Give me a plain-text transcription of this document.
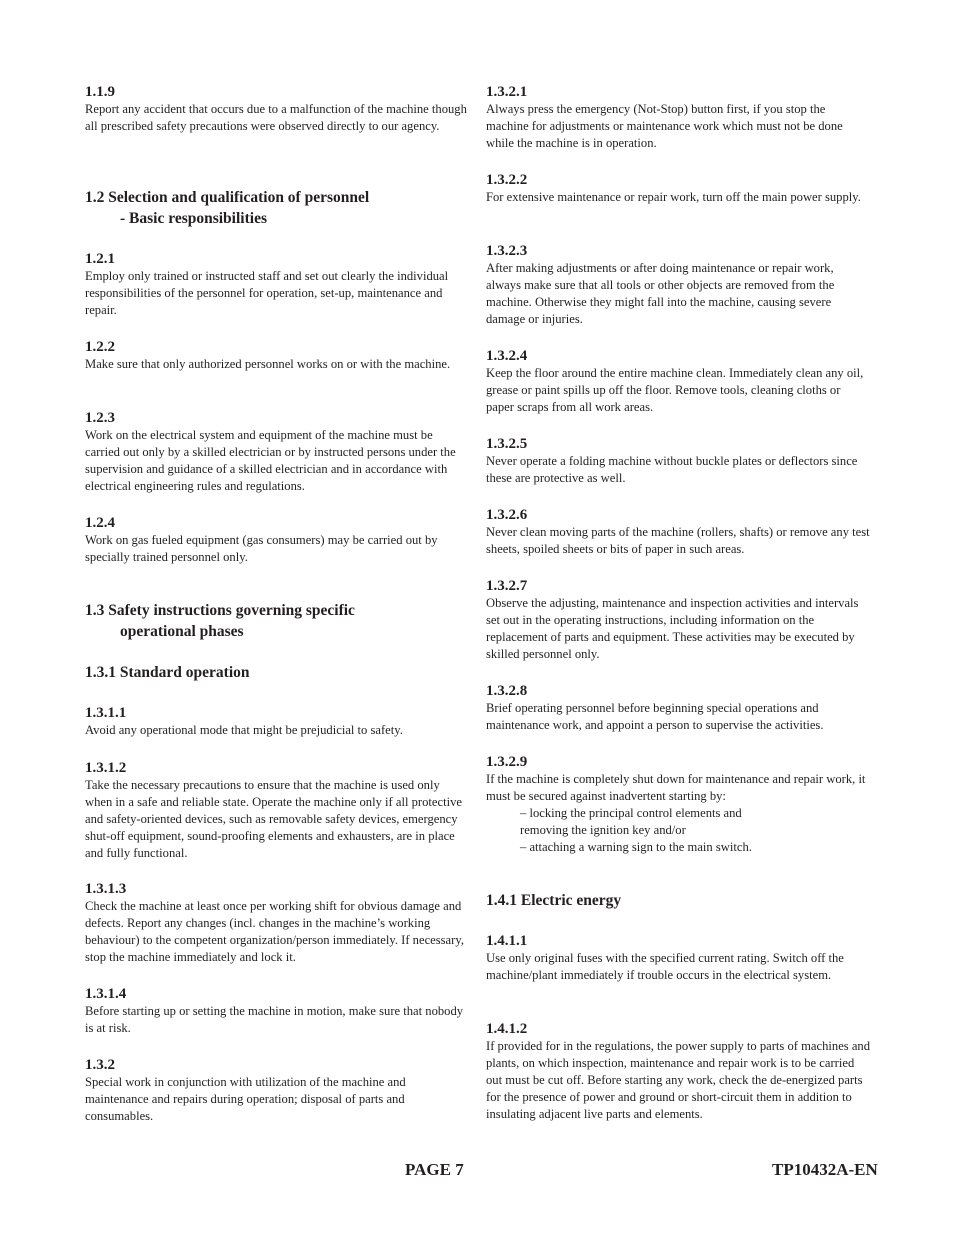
1.1.9

Report any accident that occurs due to a malfunction of the machine though all prescribed safety precautions were observed directly to our agency.

1.2 Selection and qualification of personnel
- Basic responsibilities

1.2.1

Employ only trained or instructed staff and set out clearly the individual responsibilities of the personnel for operation, set-up, maintenance and repair.

1.2.2

Make sure that only authorized personnel works on or with the machine.

1.2.3

Work on the electrical system and equipment of the machine must be carried out only by a skilled electrician or by instructed persons under the supervision and guidance of a skilled electrician and in accordance with electrical engineering rules and regulations.

1.2.4

Work on gas fueled equipment (gas consumers) may be carried out by specially trained personnel only.

1.3 Safety instructions governing specific
operational phases

1.3.1 Standard operation

1.3.1.1

Avoid any operational mode that might be prejudicial to safety.

1.3.1.2

Take the necessary precautions to ensure that the machine is used only when in a safe and reliable state. Operate the machine only if all protective and safety-oriented devices, such as removable safety devices, emergency shut-off equipment, sound-proofing elements and exhausters, are in place and fully functional.

1.3.1.3

Check the machine at least once per working shift for obvious damage and defects. Report any changes (incl. changes in the machine’s working behaviour) to the competent organization/person immediately. If necessary, stop the machine immediately and lock it.

1.3.1.4

Before starting up or setting the machine in motion, make sure that nobody is at risk.

1.3.2

Special work in conjunction with utilization of the machine and maintenance and repairs during operation; disposal of parts and consumables.

1.3.2.1

Always press the emergency (Not-Stop) button first, if you stop the machine for adjustments or maintenance work which must not be done while the machine is in operation.

1.3.2.2

For extensive maintenance or repair work, turn off the main power supply.

1.3.2.3

After making adjustments or after doing maintenance or repair work, always make sure that all tools or other objects are removed from the machine. Otherwise they might fall into the machine, causing severe damage or injuries.

1.3.2.4

Keep the floor around the entire machine clean. Immediately clean any oil, grease or paint spills up off the floor. Remove tools, cleaning cloths or paper scraps from all work areas.

1.3.2.5

Never operate a folding machine without buckle plates or deflectors since these are protective as well.

1.3.2.6

Never clean moving parts of the machine (rollers, shafts) or remove any test sheets, spoiled sheets or bits of paper in such areas.

1.3.2.7

Observe the adjusting, maintenance and inspection activities and intervals set out in the operating instructions, including information on the replacement of parts and equipment. These activities may be executed by skilled personnel only.

1.3.2.8

Brief operating personnel before beginning special operations and maintenance work, and appoint a person to supervise the activities.

1.3.2.9

If the machine is completely shut down for maintenance and repair work, it must be secured against inadvertent starting by:

– locking the principal control elements and
removing the ignition key and/or
– attaching a warning sign to the main switch.

1.4.1 Electric energy

1.4.1.1

Use only original fuses with the specified current rating. Switch off the machine/plant immediately if trouble occurs in the electrical system.

1.4.1.2

If provided for in the regulations, the power supply to parts of machines and plants, on which inspection, maintenance and repair work is to be carried out must be cut off. Before starting any work, check the de-energized parts for the presence of power and ground or short-circuit them in addition to insulating adjacent live parts and elements.

PAGE 7	TP10432A-EN
